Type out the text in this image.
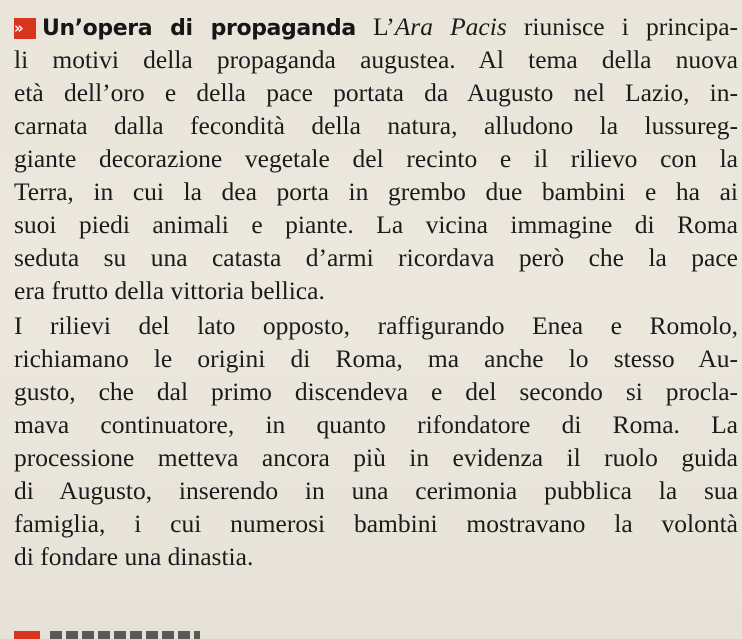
» Un’opera di propaganda L’Ara Pacis riunisce i principa-
li motivi della propaganda augustea. Al tema della nuova
età dell’oro e della pace portata da Augusto nel Lazio, in-
carnata dalla fecondità della natura, alludono la lussureg-
giante decorazione vegetale del recinto e il rilievo con la
Terra, in cui la dea porta in grembo due bambini e ha ai
suoi piedi animali e piante. La vicina immagine di Roma
seduta su una catasta d’armi ricordava però che la pace
era frutto della vittoria bellica.
I rilievi del lato opposto, raffigurando Enea e Romolo,
richiamano le origini di Roma, ma anche lo stesso Au-
gusto, che dal primo discendeva e del secondo si procla-
mava continuatore, in quanto rifondatore di Roma. La
processione metteva ancora più in evidenza il ruolo guida
di Augusto, inserendo in una cerimonia pubblica la sua
famiglia, i cui numerosi bambini mostravano la volontà
di fondare una dinastia.
